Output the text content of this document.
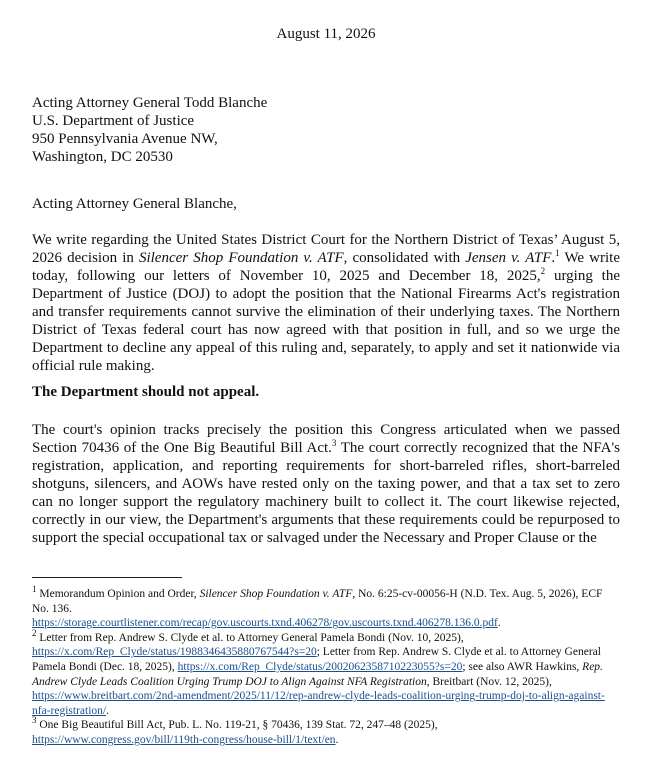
August 11, 2026
Acting Attorney General Todd Blanche
U.S. Department of Justice
950 Pennsylvania Avenue NW,
Washington, DC 20530
Acting Attorney General Blanche,
We write regarding the United States District Court for the Northern District of Texas’ August 5, 2026 decision in Silencer Shop Foundation v. ATF, consolidated with Jensen v. ATF.$^1$ We write today, following our letters of November 10, 2025 and December 18, 2025,$^2$ urging the Department of Justice (DOJ) to adopt the position that the National Firearms Act's registration and transfer requirements cannot survive the elimination of their underlying taxes. The Northern District of Texas federal court has now agreed with that position in full, and so we urge the Department to decline any appeal of this ruling and, separately, to apply and set it nationwide via official rule making.
The Department should not appeal.
The court's opinion tracks precisely the position this Congress articulated when we passed Section 70436 of the One Big Beautiful Bill Act.$^3$ The court correctly recognized that the NFA's registration, application, and reporting requirements for short-barreled rifles, short-barreled shotguns, silencers, and AOWs have rested only on the taxing power, and that a tax set to zero can no longer support the regulatory machinery built to collect it. The court likewise rejected, correctly in our view, the Department's arguments that these requirements could be repurposed to support the special occupational tax or salvaged under the Necessary and Proper Clause or the

$^1$ Memorandum Opinion and Order, Silencer Shop Foundation v. ATF, No. 6:25-cv-00056-H (N.D. Tex. Aug. 5, 2026), ECF No. 136.
https://storage.courtlistener.com/recap/gov.uscourts.txnd.406278/gov.uscourts.txnd.406278.136.0.pdf.

$^2$ Letter from Rep. Andrew S. Clyde et al. to Attorney General Pamela Bondi (Nov. 10, 2025),
https://x.com/Rep_Clyde/status/1988346435880767544?s=20; Letter from Rep. Andrew S. Clyde et al. to Attorney General Pamela Bondi (Dec. 18, 2025), https://x.com/Rep_Clyde/status/2002062358710223055?s=20; see also AWR Hawkins, Rep. Andrew Clyde Leads Coalition Urging Trump DOJ to Align Against NFA Registration, Breitbart (Nov. 12, 2025), https://www.breitbart.com/2nd-amendment/2025/11/12/rep-andrew-clyde-leads-coalition-urging-trump-doj-to-align-against-nfa-registration/.

$^3$ One Big Beautiful Bill Act, Pub. L. No. 119-21, § 70436, 139 Stat. 72, 247–48 (2025),
https://www.congress.gov/bill/119th-congress/house-bill/1/text/en.
